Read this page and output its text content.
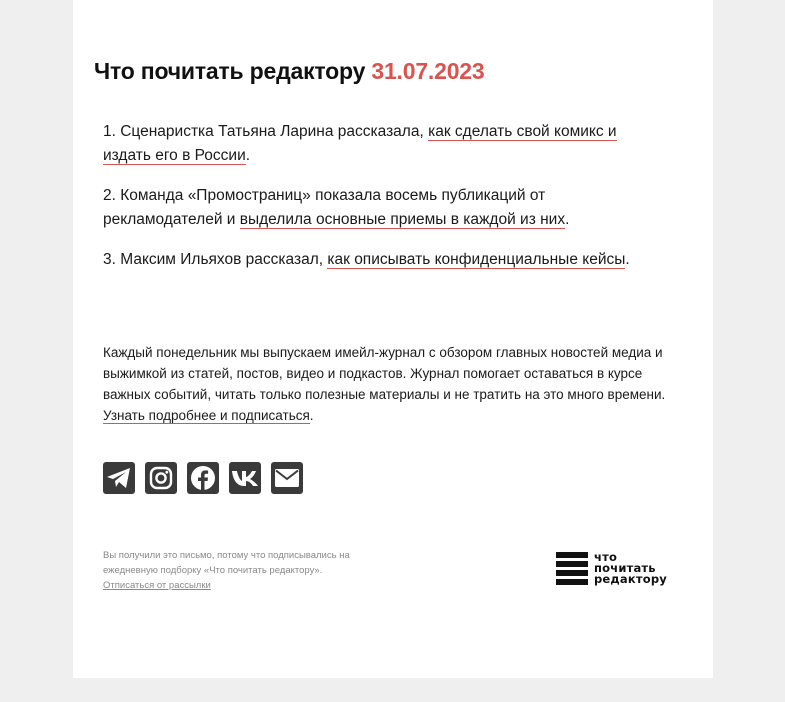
Что почитать редактору 31.07.2023

1. Сценаристка Татьяна Ларина рассказала, как сделать свой комикс и издать его в России.

2. Команда «Промостраниц» показала восемь публикаций от рекламодателей и выделила основные приемы в каждой из них.

3. Максим Ильяхов рассказал, как описывать конфиденциальные кейсы.

Каждый понедельник мы выпускаем имейл-журнал с обзором главных новостей медиа и выжимкой из статей, постов, видео и подкастов. Журнал помогает оставаться в курсе важных событий, читать только полезные материалы и не тратить на это много времени. Узнать подробнее и подписаться.

Вы получили это письмо, потому что подписывались на ежедневную подборку «Что почитать редактору».
Отписаться от рассылки
что
почитать
редактору
